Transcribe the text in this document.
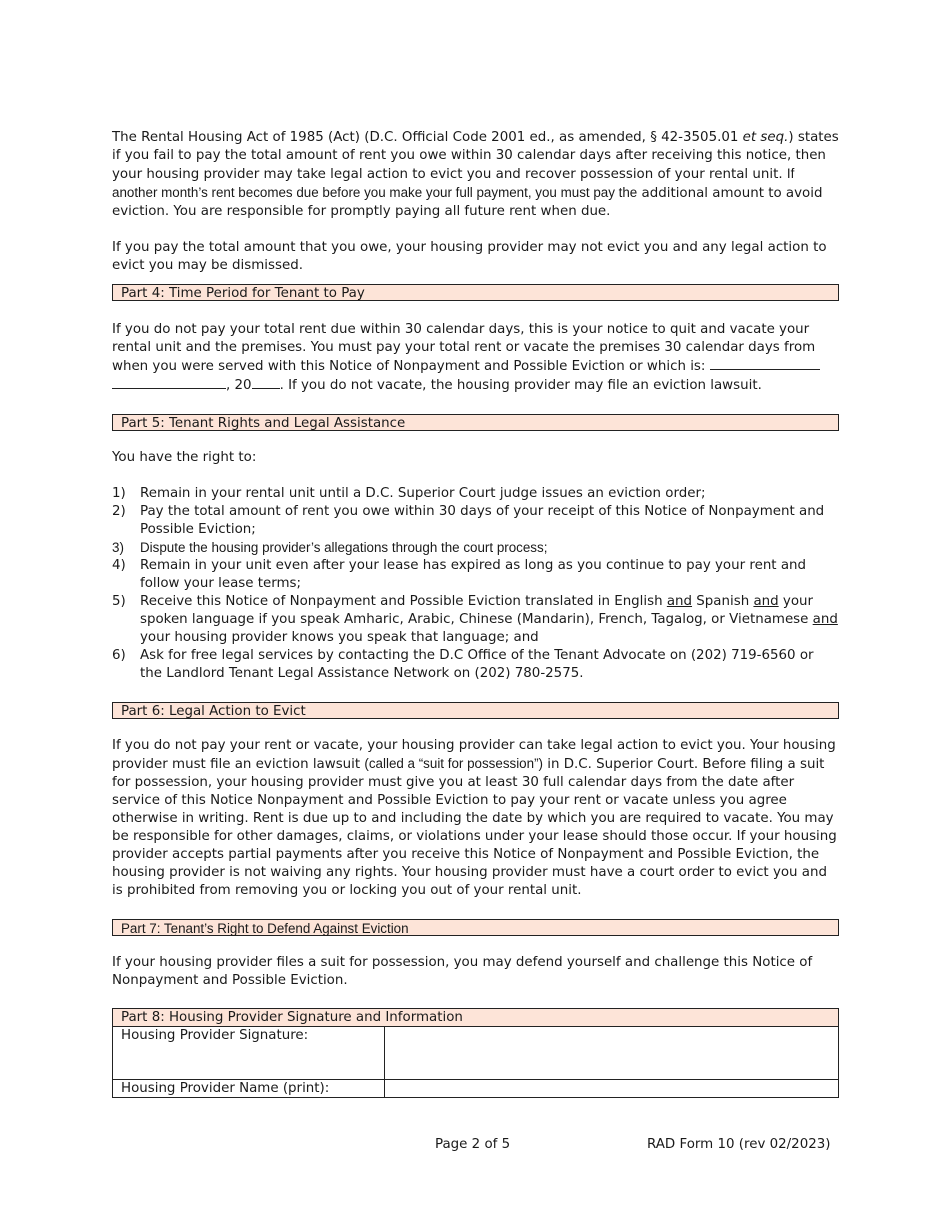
The Rental Housing Act of 1985 (Act) (D.C. Official Code 2001 ed., as amended, § 42-3505.01 et seq.) states if you fail to pay the total amount of rent you owe within 30 calendar days after receiving this notice, then your housing provider may take legal action to evict you and recover possession of your rental unit. If another month’s rent becomes due before you make your full payment, you must pay the additional amount to avoid eviction. You are responsible for promptly paying all future rent when due.

If you pay the total amount that you owe, your housing provider may not evict you and any legal action to evict you may be dismissed.

Part 4: Time Period for Tenant to Pay

If you do not pay your total rent due within 30 calendar days, this is your notice to quit and vacate your rental unit and the premises. You must pay your total rent or vacate the premises 30 calendar days from when you were served with this Notice of Nonpayment and Possible Eviction or which is:
, 20 . If you do not vacate, the housing provider may file an eviction lawsuit.

Part 5: Tenant Rights and Legal Assistance

You have the right to:

1) Remain in your rental unit until a D.C. Superior Court judge issues an eviction order;
2) Pay the total amount of rent you owe within 30 days of your receipt of this Notice of Nonpayment and Possible Eviction;
3) Dispute the housing provider’s allegations through the court process;
4) Remain in your unit even after your lease has expired as long as you continue to pay your rent and follow your lease terms;
5) Receive this Notice of Nonpayment and Possible Eviction translated in English and Spanish and your spoken language if you speak Amharic, Arabic, Chinese (Mandarin), French, Tagalog, or Vietnamese and your housing provider knows you speak that language; and
6) Ask for free legal services by contacting the D.C Office of the Tenant Advocate on (202) 719-6560 or the Landlord Tenant Legal Assistance Network on (202) 780-2575.
Part 6: Legal Action to Evict

If you do not pay your rent or vacate, your housing provider can take legal action to evict you. Your housing provider must file an eviction lawsuit (called a “suit for possession”) in D.C. Superior Court. Before filing a suit for possession, your housing provider must give you at least 30 full calendar days from the date after service of this Notice Nonpayment and Possible Eviction to pay your rent or vacate unless you agree otherwise in writing. Rent is due up to and including the date by which you are required to vacate. You may be responsible for other damages, claims, or violations under your lease should those occur. If your housing provider accepts partial payments after you receive this Notice of Nonpayment and Possible Eviction, the housing provider is not waiving any rights. Your housing provider must have a court order to evict you and is prohibited from removing you or locking you out of your rental unit.

Part 7: Tenant’s Right to Defend Against Eviction

If your housing provider files a suit for possession, you may defend yourself and challenge this Notice of Nonpayment and Possible Eviction.

Part 8: Housing Provider Signature and Information	
Housing Provider Signature:	
Housing Provider Name (print):	
Page 2 of 5	RAD Form 10 (rev 02/2023)
